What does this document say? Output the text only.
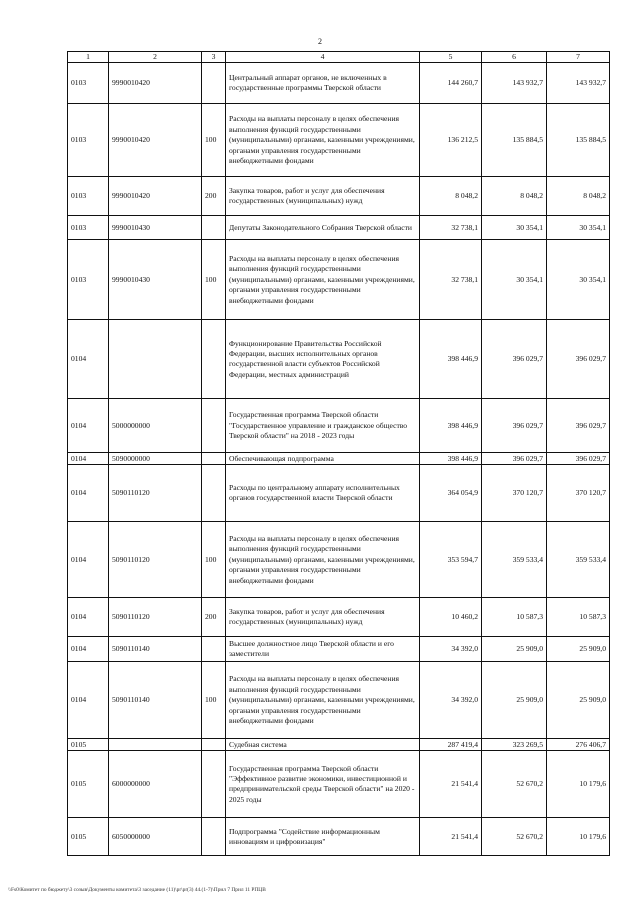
2
1	2	3	4	5	6	7
0103	9990010420		Центральный аппарат органов, не включенных в государственные программы Тверской области	144 260,7	143 932,7	143 932,7
0103	9990010420	100	Расходы на выплаты персоналу в целях обеспечения выполнения функций государственными (муниципальными) органами, казенными учреждениями, органами управления государственными внебюджетными фондами	136 212,5	135 884,5	135 884,5
0103	9990010420	200	Закупка товаров, работ и услуг для обеспечения государственных (муниципальных) нужд	8 048,2	8 048,2	8 048,2
0103	9990010430		Депутаты Законодательного Собрания Тверской области	32 738,1	30 354,1	30 354,1
0103	9990010430	100	Расходы на выплаты персоналу в целях обеспечения выполнения функций государственными (муниципальными) органами, казенными учреждениями, органами управления государственными внебюджетными фондами	32 738,1	30 354,1	30 354,1
0104			Функционирование Правительства Российской Федерации, высших исполнительных органов государственной власти субъектов Российской Федерации, местных администраций	398 446,9	396 029,7	396 029,7
0104	5000000000		Государственная программа Тверской области "Государственное управление и гражданское общество Тверской области" на 2018 - 2023 годы	398 446,9	396 029,7	396 029,7
0104	5090000000		Обеспечивающая подпрограмма	398 446,9	396 029,7	396 029,7
0104	5090110120		Расходы по центральному аппарату исполнительных органов государственной власти Тверской области	364 054,9	370 120,7	370 120,7
0104	5090110120	100	Расходы на выплаты персоналу в целях обеспечения выполнения функций государственными (муниципальными) органами, казенными учреждениями, органами управления государственными внебюджетными фондами	353 594,7	359 533,4	359 533,4
0104	5090110120	200	Закупка товаров, работ и услуг для обеспечения государственных (муниципальных) нужд	10 460,2	10 587,3	10 587,3
0104	5090110140		Высшее должностное лицо Тверской области и его заместители	34 392,0	25 909,0	25 909,0
0104	5090110140	100	Расходы на выплаты персоналу в целях обеспечения выполнения функций государственными (муниципальными) органами, казенными учреждениями, органами управления государственными внебюджетными фондами	34 392,0	25 909,0	25 909,0
0105			Судебная система	287 419,4	323 269,5	276 406,7
0105	6000000000		Государственная программа Тверской области "Эффективное развитие экономики, инвестиционной и предпринимательской среды Тверской области" на 2020 - 2025 годы	21 541,4	52 670,2	10 179,6
0105	6050000000		Подпрограмма "Содействие информационным инновациям и цифровизация"	21 541,4	52 670,2	10 179,6
\\Fs0\Комитет по бюджету\3 созыв\Документы комитета\3 заседание (11)\pr\pr(3) 44.(1-7)\Прил 7 Прил 11 РПЦВ
